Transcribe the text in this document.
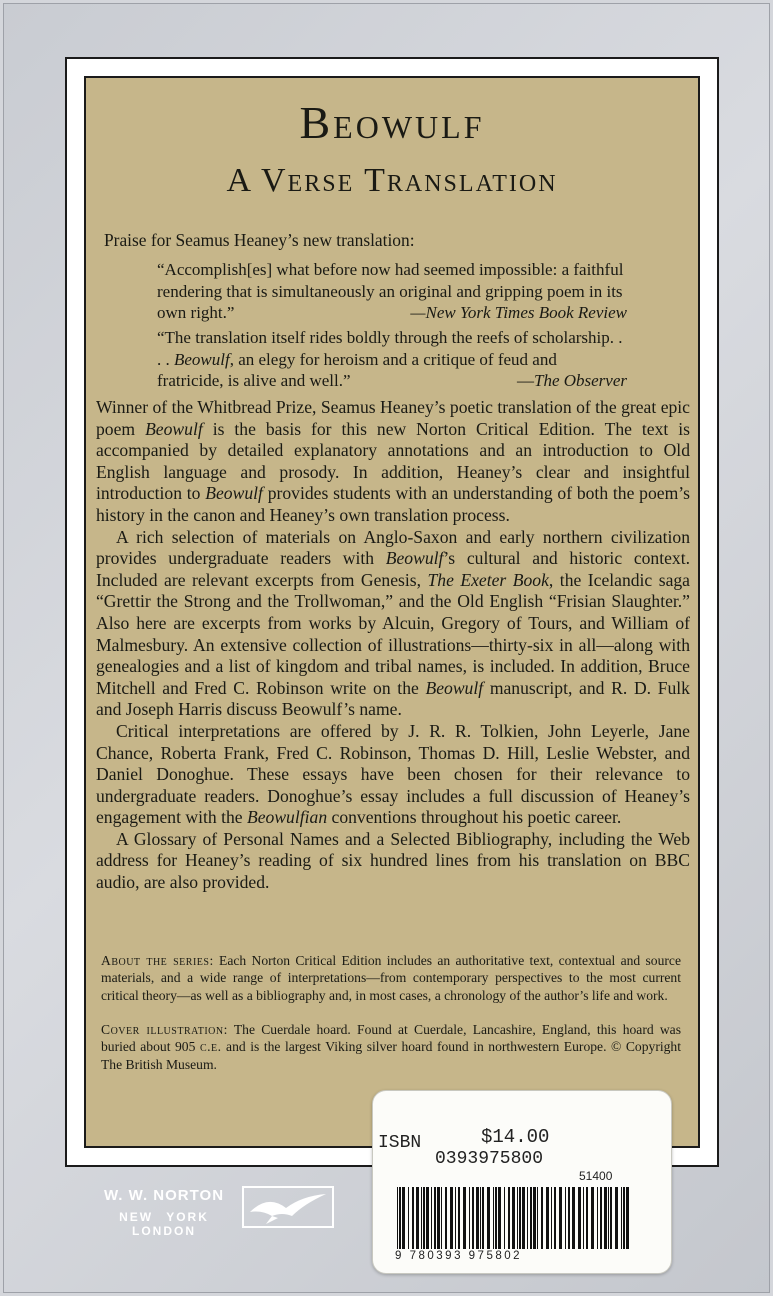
Beowulf
A Verse Translation
Praise for Seamus Heaney’s new translation:
“Accomplish[es] what before now had seemed impossible: a faithful rendering that is simultaneously an original and gripping poem in its own right.”	—New York Times Book Review
“The translation itself rides boldly through the reefs of scholarship. . . . Beowulf, an elegy for heroism and a critique of feud and fratricide, is alive and well.”	—The Observer

Winner of the Whitbread Prize, Seamus Heaney’s poetic translation of the great epic poem Beowulf is the basis for this new Norton Critical Edition. The text is accompanied by detailed explanatory annotations and an introduction to Old English language and prosody. In addition, Heaney’s clear and insightful introduction to Beowulf provides students with an understanding of both the poem’s history in the canon and Heaney’s own translation process.

A rich selection of materials on Anglo-Saxon and early northern civilization provides undergraduate readers with Beowulf’s cultural and historic context. Included are relevant excerpts from Genesis, The Exeter Book, the Icelandic saga “Grettir the Strong and the Trollwoman,” and the Old English “Frisian Slaughter.” Also here are excerpts from works by Alcuin, Gregory of Tours, and William of Malmesbury. An extensive collection of illustrations—thirty-six in all—along with genealogies and a list of kingdom and tribal names, is included. In addition, Bruce Mitchell and Fred C. Robinson write on the Beowulf manuscript, and R. D. Fulk and Joseph Harris discuss Beowulf’s name.

Critical interpretations are offered by J. R. R. Tolkien, John Leyerle, Jane Chance, Roberta Frank, Fred C. Robinson, Thomas D. Hill, Leslie Webster, and Daniel Donoghue. These essays have been chosen for their relevance to undergraduate readers. Donoghue’s essay includes a full discussion of Heaney’s engagement with the Beowulfian conventions throughout his poetic career.

A Glossary of Personal Names and a Selected Bibliography, including the Web address for Heaney’s reading of six hundred lines from his translation on BBC audio, are also provided.

About the series: Each Norton Critical Edition includes an authoritative text, contextual and source materials, and a wide range of interpretations—from contemporary perspectives to the most current critical theory—as well as a bibliography and, in most cases, a chronology of the author’s life and work.
Cover illustration: The Cuerdale hoard. Found at Cuerdale, Lancashire, England, this hoard was buried about 905 c.e. and is the largest Viking silver hoard found in northwestern Europe. © Copyright The British Museum.
W. W. NORTON
NEW YORK LONDON
ISBN	$14.00
0393975800
51400
9 780393 975802
